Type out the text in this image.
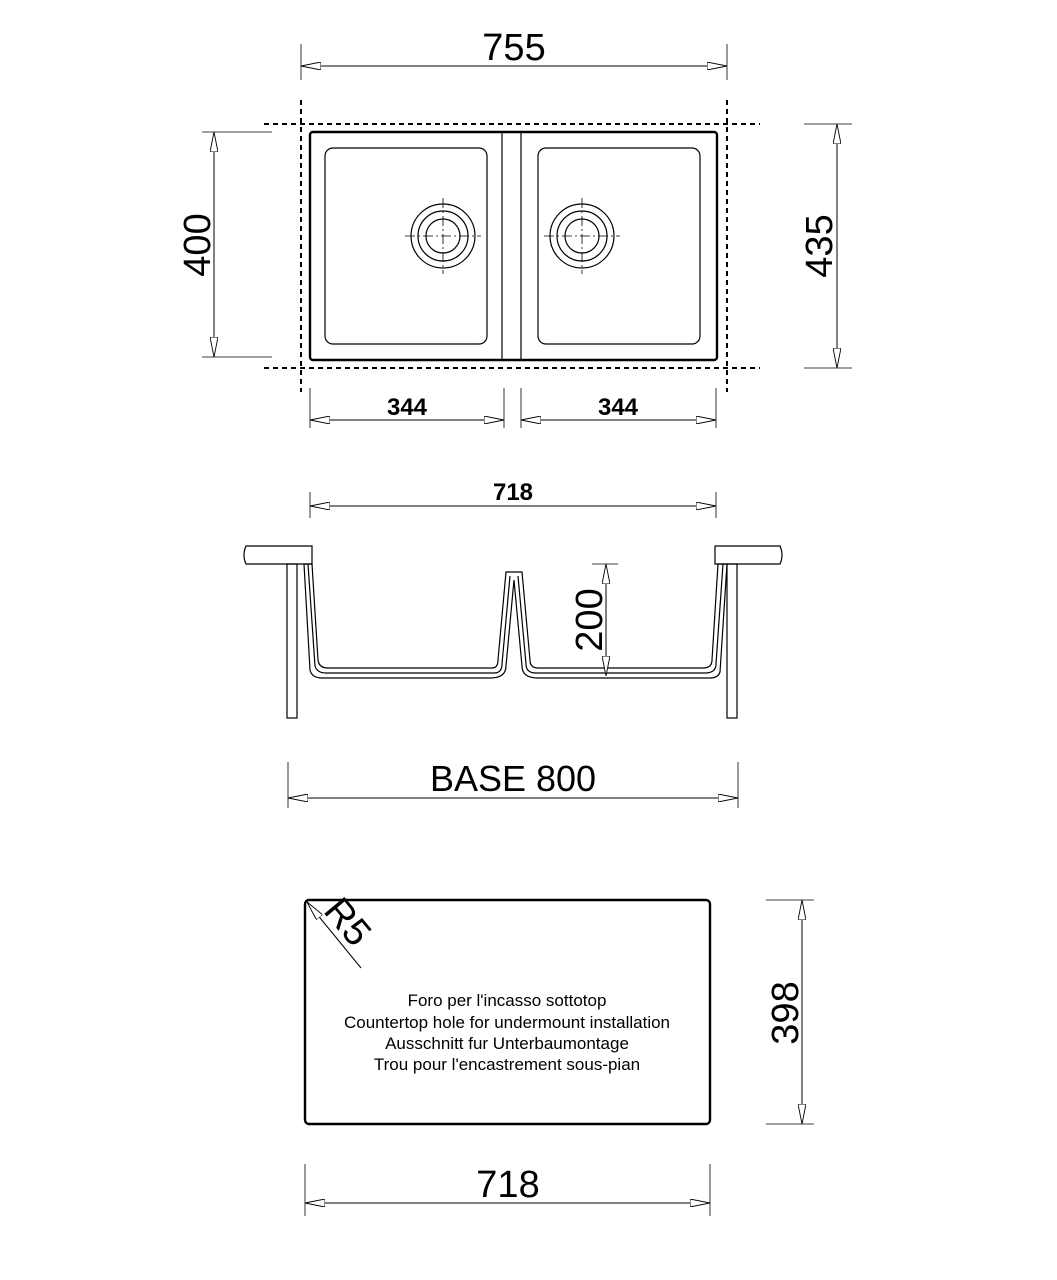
755
400	435
344	344
718
200
BASE 800
R5
Foro per l'incasso sottotop
Countertop hole for undermount installation
Ausschnitt fur Unterbaumontage
Trou pour l'encastrement sous-pian
398
718
